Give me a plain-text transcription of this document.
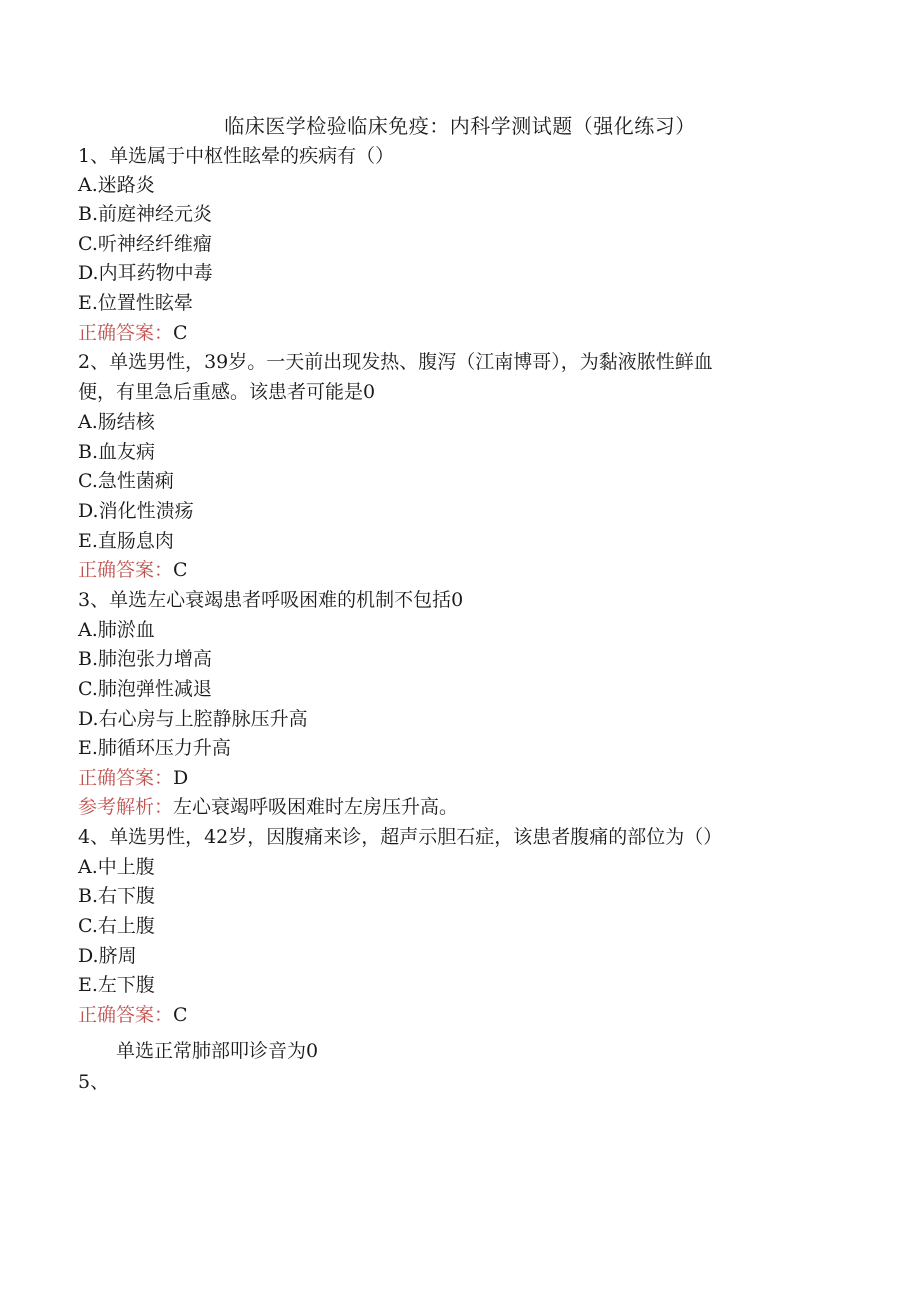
临床医学检验临床免疫：内科学测试题（强化练习）
1、单选属于中枢性眩晕的疾病有（）
A.迷路炎
B.前庭神经元炎
C.听神经纤维瘤
D.内耳药物中毒
E.位置性眩晕
正确答案：C
2、单选男性，39岁。一天前出现发热、腹泻（江南博哥），为黏液脓性鲜血
便，有里急后重感。该患者可能是0
A.肠结核
B.血友病
C.急性菌痢
D.消化性溃疡
E.直肠息肉
正确答案：C
3、单选左心衰竭患者呼吸困难的机制不包括0
A.肺淤血
B.肺泡张力增高
C.肺泡弹性减退
D.右心房与上腔静脉压升高
E.肺循环压力升高
正确答案：D
参考解析：左心衰竭呼吸困难时左房压升高。
4、单选男性，42岁，因腹痛来诊，超声示胆石症，该患者腹痛的部位为（）
A.中上腹
B.右下腹
C.右上腹
D.脐周
E.左下腹
正确答案：C
单选正常肺部叩诊音为0
5、
